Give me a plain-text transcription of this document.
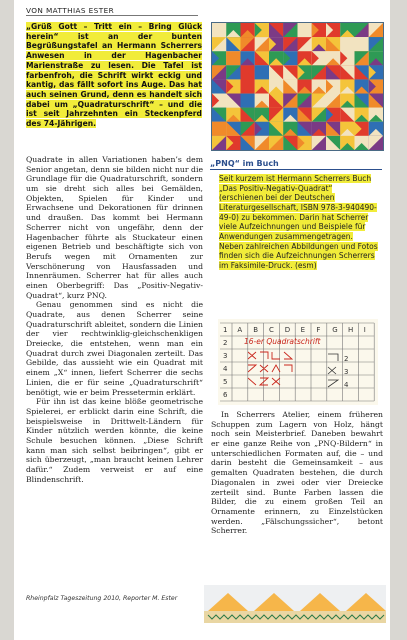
VON MATTHIAS ESTER
„Grüß Gott – Tritt ein – Bring Glück herein“ ist an der bunten Begrüßungstafel an Hermann Scherrers Anwesen in der Hagenbacher Marienstraße zu lesen. Die Tafel ist farbenfroh, die Schrift wirkt eckig und kantig, das fällt sofort ins Auge. Das hat auch seinen Grund, denn es handelt sich dabei um „Quadraturschrift“ – und die ist seit Jahrzehnten ein Steckenpferd des 74-Jährigen.

Quadrate in allen Variationen haben’s dem Senior angetan, denn sie bilden nicht nur die Grundlage für die Quadraturschrift, sondern um sie dreht sich alles bei Gemälden, Objekten, Spielen für Kinder und Erwachsene und Dekorationen für drinnen und draußen. Das kommt bei Hermann Scherrer nicht von ungefähr, denn der Hagenbacher führte als Stuckateur einen eigenen Betrieb und beschäftigte sich von Berufs wegen mit Ornamenten zur Verschönerung von Hausfassaden und Innenräumen. Scherrer hat für alles auch einen Oberbegriff: Das „Positiv-Negativ-Quadrat“, kurz PNQ.

Genau genommen sind es nicht die Quadrate, aus denen Scherrer seine Quadraturschrift ableitet, sondern die Linien der vier rechtwinklig-gleichschenkligen Dreiecke, die entstehen, wenn man ein Quadrat durch zwei Diagonalen zerteilt. Das Gebilde, das aussieht wie ein Quadrat mit einem „X“ innen, liefert Scherrer die sechs Linien, die er für seine „Quadraturschrift“ benötigt, wie er beim Pressetermin erklärt.

Für ihn ist das keine blöße geometrische Spielerei, er erblickt darin eine Schrift, die beispielsweise in Drittwelt-Ländern für Kinder nützlich werden könnte, die keine Schule besuchen können. „Diese Schrift kann man sich selbst beibringen“, gibt er sich überzeugt, „man braucht keinen Lehrer dafür.“ Zudem verweist er auf eine Blindenschrift.

„PNQ“ im Buch
Seit kurzem ist Hermann Scherrers Buch „Das Positiv-Negativ-Quadrat“ (erschienen bei der Deutschen Literaturgesellschaft, ISBN 978-3-940490-49-0) zu bekommen. Darin hat Scherrer viele Aufzeichnungen und Beispiele für Anwendungen zusammengetragen. Neben zahlreichen Abbildungen und Fotos finden sich die Aufzeichnungen Scherrers im Faksimile-Druck. (esm)
A B C D E F G H I
1
2
3
4
5
6
16-er Quadratschrift
2
3
4

In Scherrers Atelier, einem früheren Schuppen zum Lagern von Holz, hängt noch sein Meisterbrief. Daneben bewahrt er eine ganze Reihe von „PNQ-Bildern“ in unterschiedlichen Formaten auf, die – und darin besteht die Gemeinsamkeit – aus gemalten Quadraten bestehen, die durch Diagonalen in zwei oder vier Dreiecke zerteilt sind. Bunte Farben lassen die Bilder, die zu einem großen Teil an Ornamente erinnern, zu Einzelstücken werden. „Fälschungssicher“, betont Scherrer.

Rheinpfalz Tageszeitung 2010, Reporter M. Ester
